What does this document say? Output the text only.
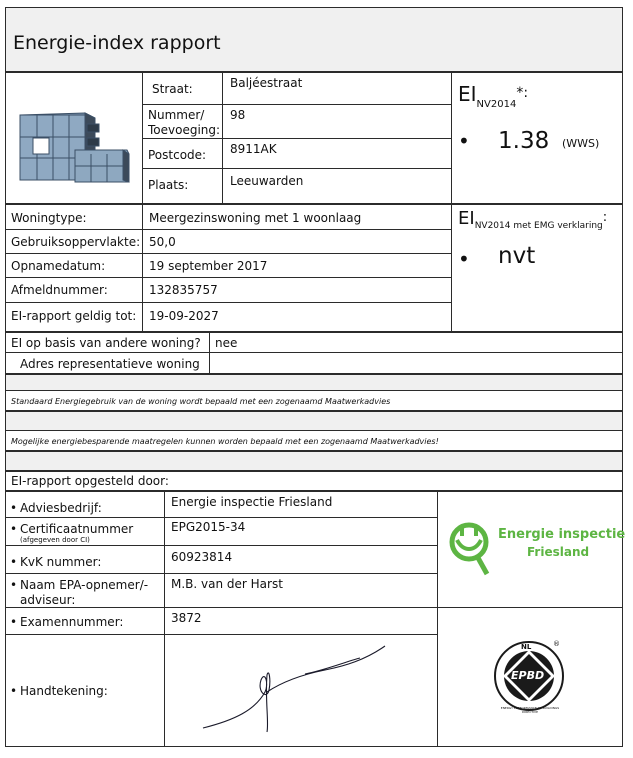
Energie-index rapport
Straat:	Baljéestraat
Nummer/
Toevoeging:
98
Postcode: 8911AK
Plaats:	Leeuwarden
$EI_{NV2014}*$:
• 1.38 (WWS)
Woningtype:	Meergezinswoning met 1 woonlaag
Gebruiksoppervlakte: 50,0
Opnamedatum:	19 september 2017
Afmeldnummer:	132835757
EI-rapport geldig tot: 19-09-2027
$EI_{NV2014 met EMG verklaring}$:
• nvt
EI op basis van andere woning? nee
Adres representatieve woning
Standaard Energiegebruik van de woning wordt bepaald met een zogenaamd Maatwerkadvies
Mogelijke energiebesparende maatregelen kunnen worden bepaald met een zogenaamd Maatwerkadvies!
EI-rapport opgesteld door:
• Adviesbedrijf:	Energie inspectie Friesland
• Certificaatnummer
(afgegeven door CI)
EPG2015-34
• KvK nummer:	60923814
• Naam EPA-opnemer/-
adviseur:
M.B. van der Harst
• Examennummer:	3872
• Handtekening:
Energie inspectie
Friesland
NL	®
EPBD
ENERGY PERFORMANCE OF BUILDINGS DIRECTIVE
